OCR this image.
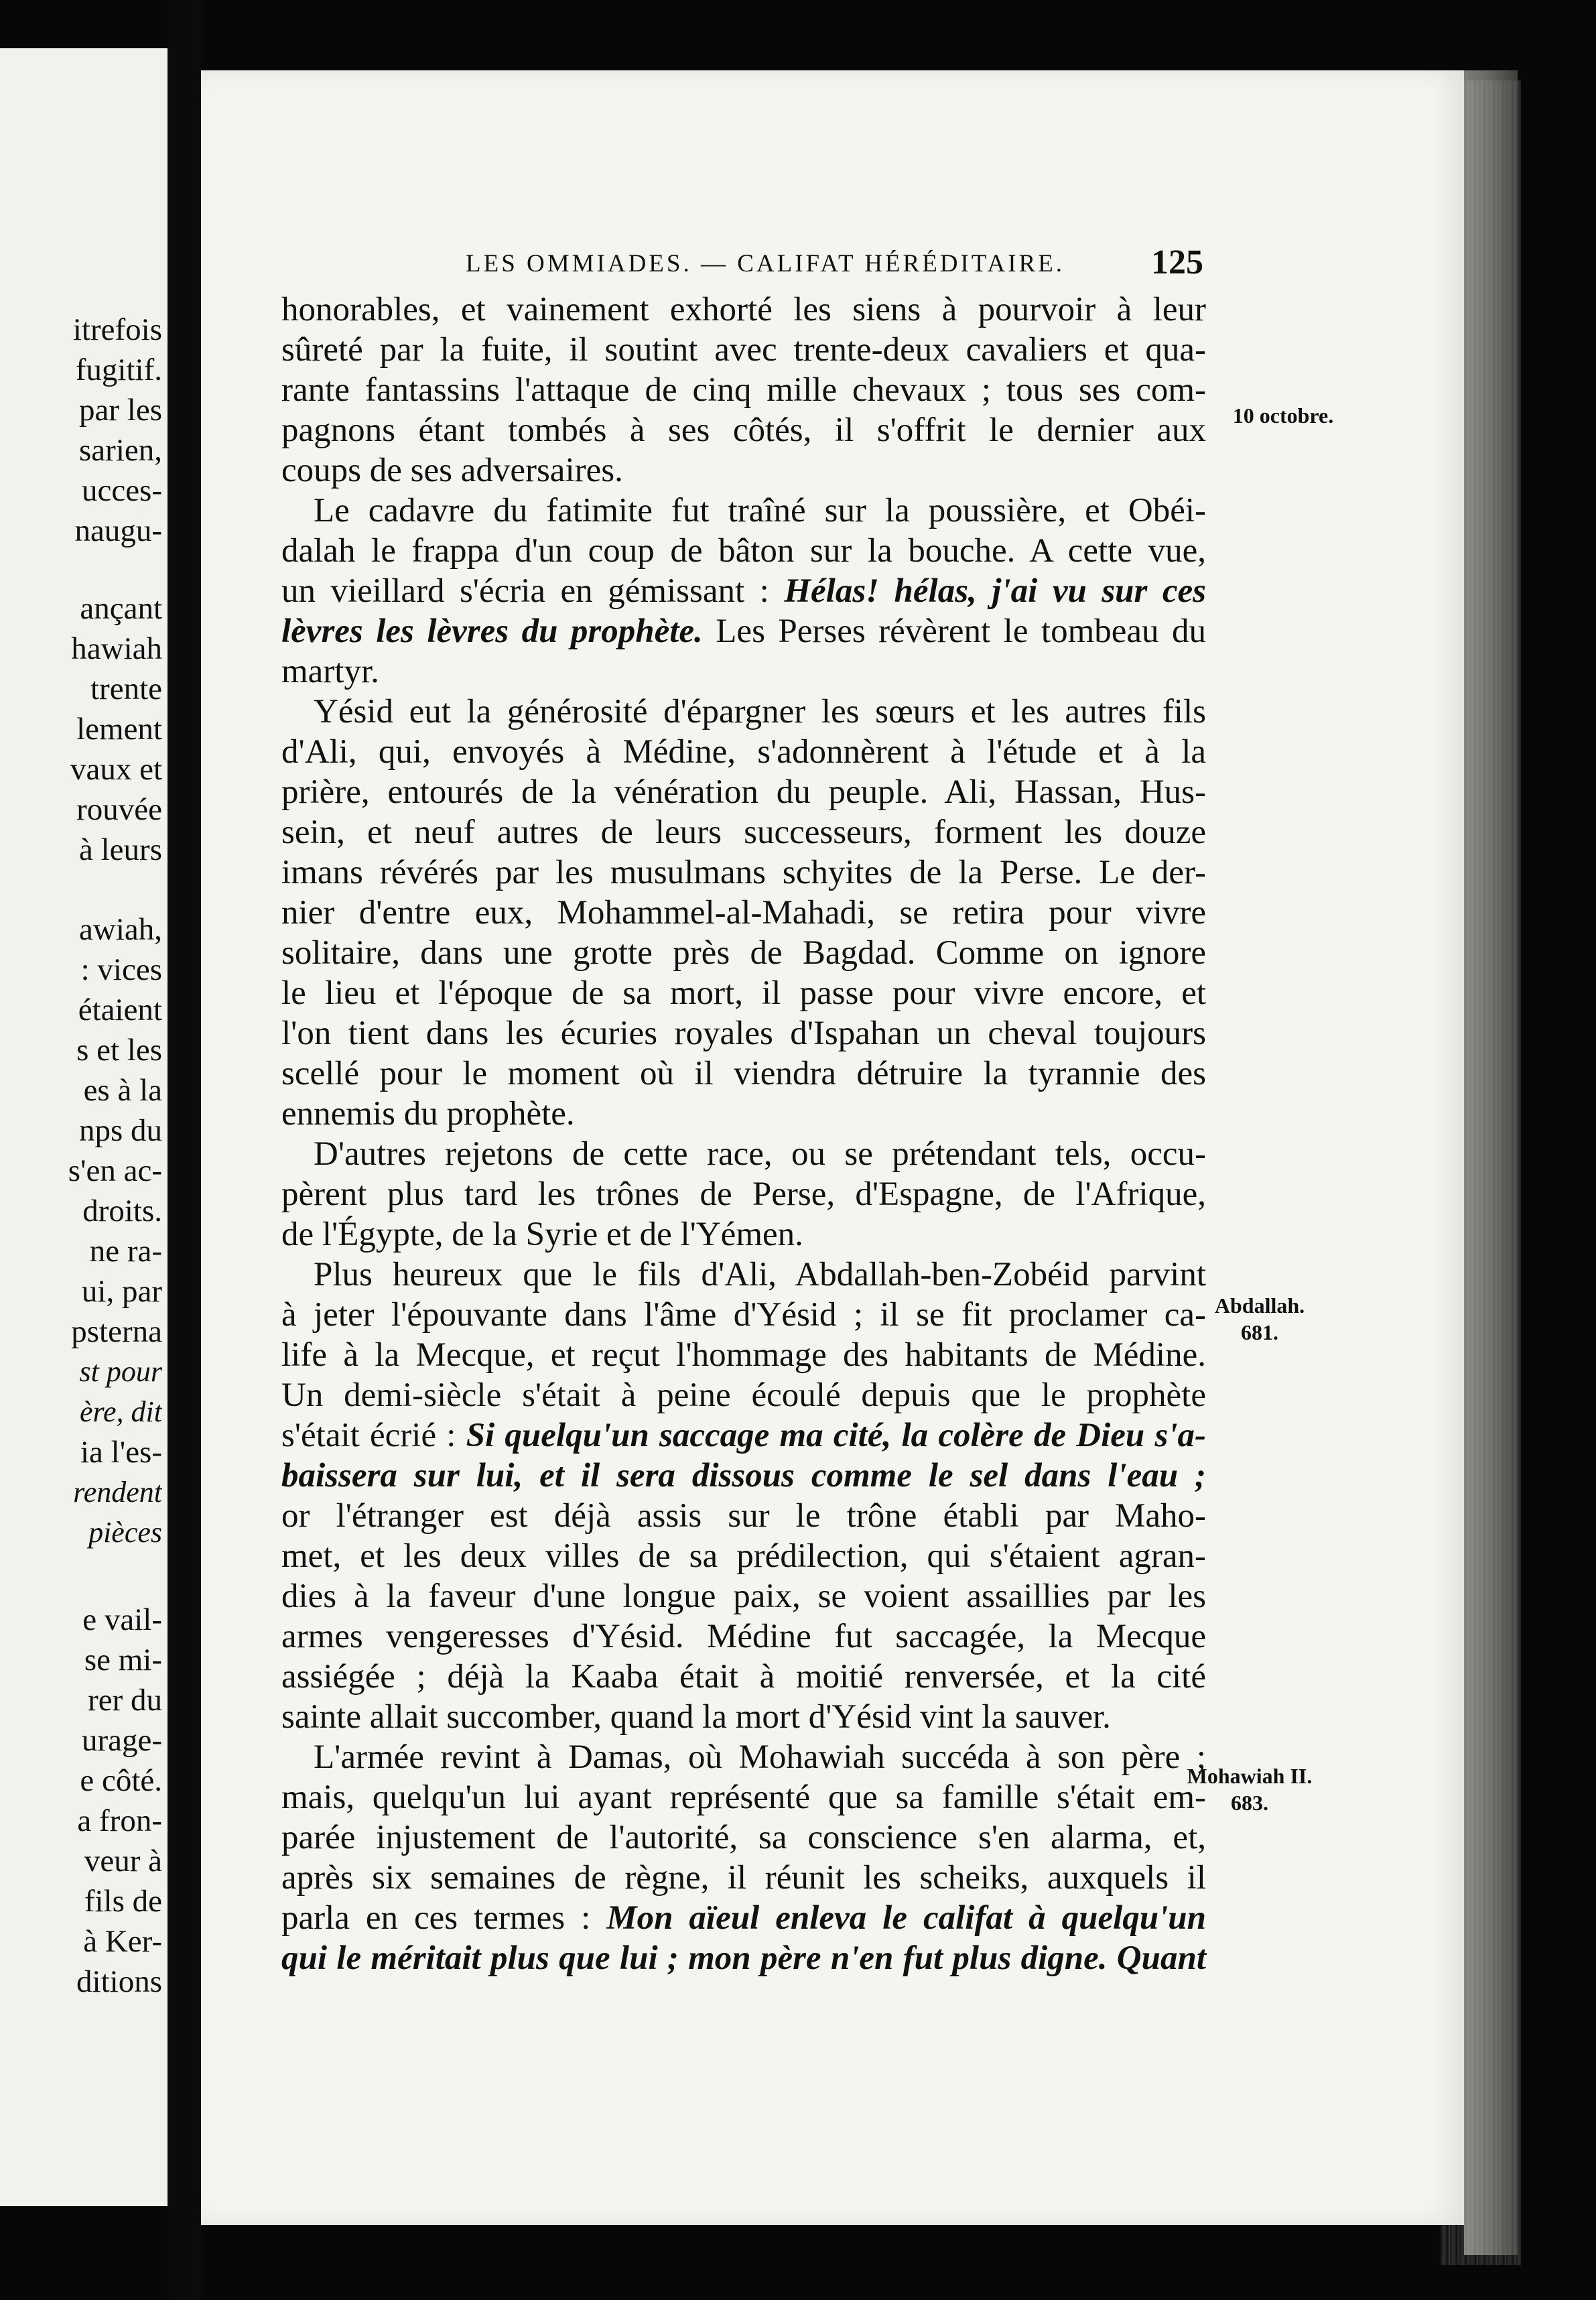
itrefois
fugitif.
par les
sarien,
ucces-
naugu-
ançant
hawiah
trente
lement
vaux et
rouvée
à leurs
awiah,
: vices
étaient
s et les
es à la
nps du
s'en ac-
droits.
ne ra-
ui, par
psterna
st pour
ère, dit
ia l'es-
rendent
pièces
e vail-
se mi-
rer du
urage-
e côté.
a fron-
veur à
fils de
à Ker-
ditions
LES OMMIADES. — CALIFAT HÉRÉDITAIRE. 125
honorables, et vainement exhorté les siens à pourvoir à leur
sûreté par la fuite, il soutint avec trente-deux cavaliers et qua-
rante fantassins l'attaque de cinq mille chevaux ; tous ses com-
pagnons étant tombés à ses côtés, il s'offrit le dernier aux
coups de ses adversaires.
Le cadavre du fatimite fut traîné sur la poussière, et Obéi-
dalah le frappa d'un coup de bâton sur la bouche. A cette vue,
un vieillard s'écria en gémissant : Hélas! hélas, j'ai vu sur ces
lèvres les lèvres du prophète. Les Perses révèrent le tombeau du
martyr.
Yésid eut la générosité d'épargner les sœurs et les autres fils
d'Ali, qui, envoyés à Médine, s'adonnèrent à l'étude et à la
prière, entourés de la vénération du peuple. Ali, Hassan, Hus-
sein, et neuf autres de leurs successeurs, forment les douze
imans révérés par les musulmans schyites de la Perse. Le der-
nier d'entre eux, Mohammel-al-Mahadi, se retira pour vivre
solitaire, dans une grotte près de Bagdad. Comme on ignore
le lieu et l'époque de sa mort, il passe pour vivre encore, et
l'on tient dans les écuries royales d'Ispahan un cheval toujours
scellé pour le moment où il viendra détruire la tyrannie des
ennemis du prophète.
D'autres rejetons de cette race, ou se prétendant tels, occu-
pèrent plus tard les trônes de Perse, d'Espagne, de l'Afrique,
de l'Égypte, de la Syrie et de l'Yémen.
Plus heureux que le fils d'Ali, Abdallah-ben-Zobéid parvint
à jeter l'épouvante dans l'âme d'Yésid ; il se fit proclamer ca-
life à la Mecque, et reçut l'hommage des habitants de Médine.
Un demi-siècle s'était à peine écoulé depuis que le prophète
s'était écrié : Si quelqu'un saccage ma cité, la colère de Dieu s'a-
baissera sur lui, et il sera dissous comme le sel dans l'eau ;
or l'étranger est déjà assis sur le trône établi par Maho-
met, et les deux villes de sa prédilection, qui s'étaient agran-
dies à la faveur d'une longue paix, se voient assaillies par les
armes vengeresses d'Yésid. Médine fut saccagée, la Mecque
assiégée ; déjà la Kaaba était à moitié renversée, et la cité
sainte allait succomber, quand la mort d'Yésid vint la sauver.
L'armée revint à Damas, où Mohawiah succéda à son père ;
mais, quelqu'un lui ayant représenté que sa famille s'était em-
parée injustement de l'autorité, sa conscience s'en alarma, et,
après six semaines de règne, il réunit les scheiks, auxquels il
parla en ces termes : Mon aïeul enleva le califat à quelqu'un
qui le méritait plus que lui ; mon père n'en fut plus digne. Quant
10 octobre.
Abdallah.
681.
Mohawiah II.
683.
